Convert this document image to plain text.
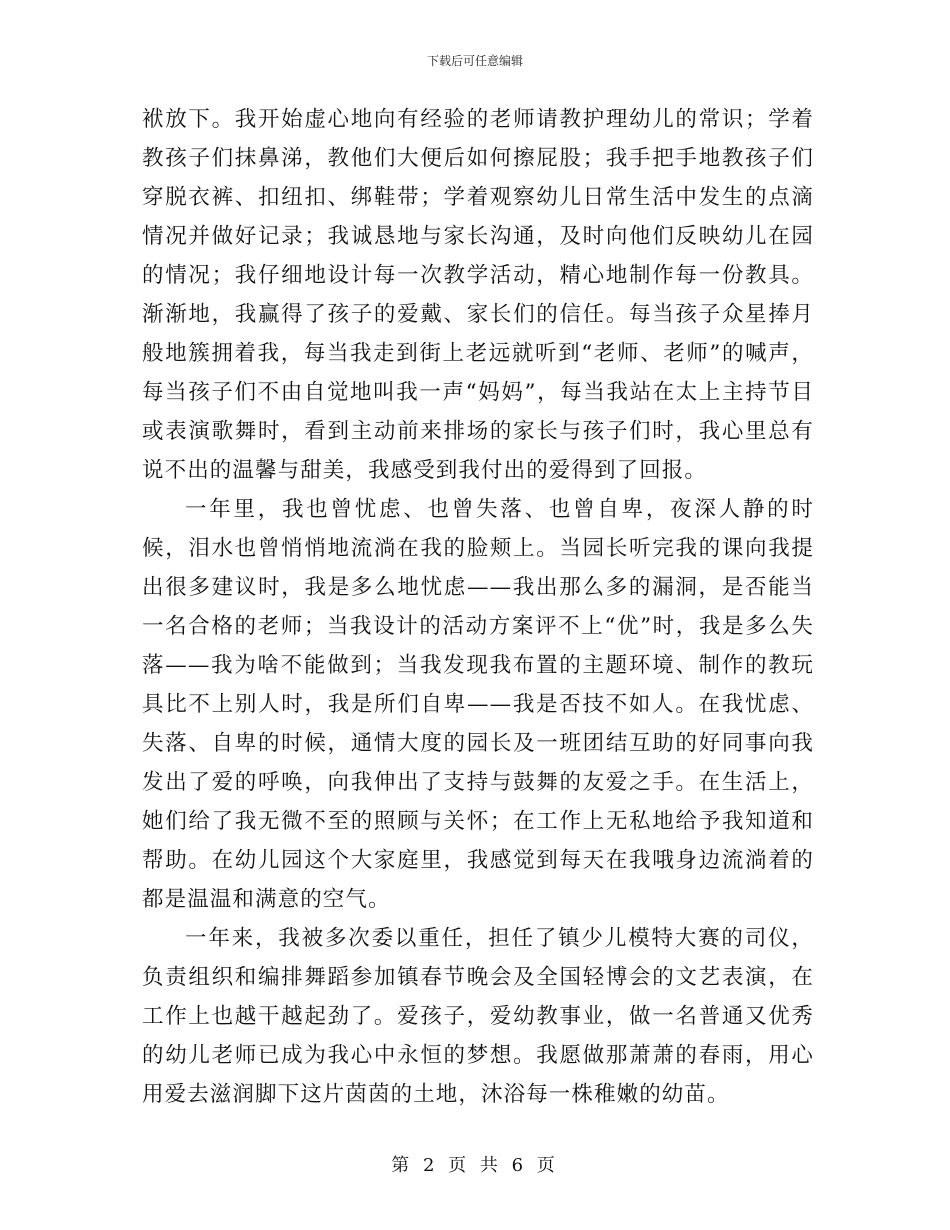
下载后可任意编辑

袱放下。我开始虚心地向有经验的老师请教护理幼儿的常识；学着教孩子们抹鼻涕，教他们大便后如何擦屁股；我手把手地教孩子们穿脱衣裤、扣纽扣、绑鞋带；学着观察幼儿日常生活中发生的点滴情况并做好记录；我诚恳地与家长沟通，及时向他们反映幼儿在园的情况；我仔细地设计每一次教学活动，精心地制作每一份教具。渐渐地，我赢得了孩子的爱戴、家长们的信任。每当孩子众星捧月般地簇拥着我，每当我走到街上老远就听到“老师、老师”的喊声，每当孩子们不由自觉地叫我一声“妈妈”，每当我站在太上主持节目或表演歌舞时，看到主动前来排场的家长与孩子们时，我心里总有说不出的温馨与甜美，我感受到我付出的爱得到了回报。

一年里，我也曾忧虑、也曾失落、也曾自卑，夜深人静的时候，泪水也曾悄悄地流淌在我的脸颊上。当园长听完我的课向我提出很多建议时，我是多么地忧虑——我出那么多的漏洞，是否能当一名合格的老师；当我设计的活动方案评不上“优”时，我是多么失落——我为啥不能做到；当我发现我布置的主题环境、制作的教玩具比不上别人时，我是所们自卑——我是否技不如人。在我忧虑、失落、自卑的时候，通情大度的园长及一班团结互助的好同事向我发出了爱的呼唤，向我伸出了支持与鼓舞的友爱之手。在生活上，她们给了我无微不至的照顾与关怀；在工作上无私地给予我知道和帮助。在幼儿园这个大家庭里，我感觉到每天在我哦身边流淌着的都是温温和满意的空气。

一年来，我被多次委以重任，担任了镇少儿模特大赛的司仪，负责组织和编排舞蹈参加镇春节晚会及全国轻博会的文艺表演，在工作上也越干越起劲了。爱孩子，爱幼教事业，做一名普通又优秀的幼儿老师已成为我心中永恒的梦想。我愿做那萧萧的春雨，用心用爱去滋润脚下这片茵茵的土地，沐浴每一株稚嫩的幼苗。

第 2 页 共 6 页
